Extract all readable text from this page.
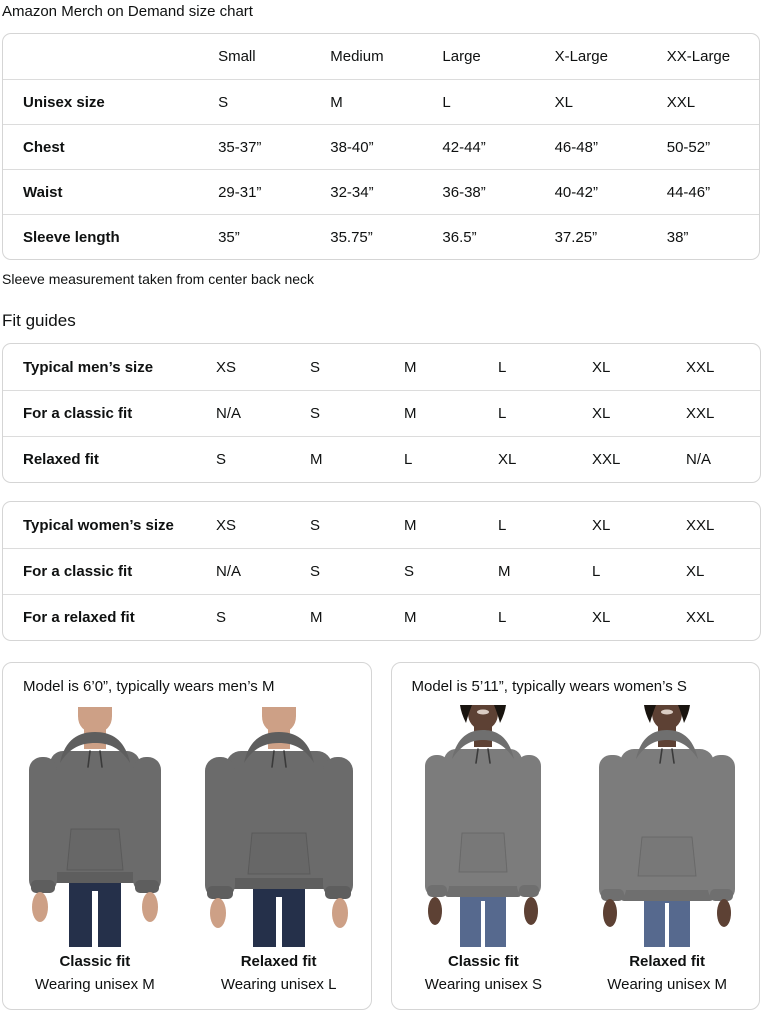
Amazon Merch on Demand size chart
	Small	Medium	Large	X-Large	XX-Large
Unisex size	S	M	L	XL	XXL
Chest	35-37”	38-40”	42-44”	46-48”	50-52”
Waist	29-31”	32-34”	36-38”	40-42”	44-46”
Sleeve length	35”	35.75”	36.5”	37.25”	38”
Sleeve measurement taken from center back neck
Fit guides
Typical men’s size	XS	S	M	L	XL	XXL
For a classic fit	N/A	S	M	L	XL	XXL
Relaxed fit	S	M	L	XL	XXL	N/A
Typical women’s size	XS	S	M	L	XL	XXL
For a classic fit	N/A	S	S	M	L	XL
For a relaxed fit	S	M	M	L	XL	XXL
Model is 6’0”, typically wears men’s M
Classic fit
Wearing unisex M
Relaxed fit
Wearing unisex L
Model is 5’11”, typically wears women’s S
Classic fit
Wearing unisex S
Relaxed fit
Wearing unisex M
